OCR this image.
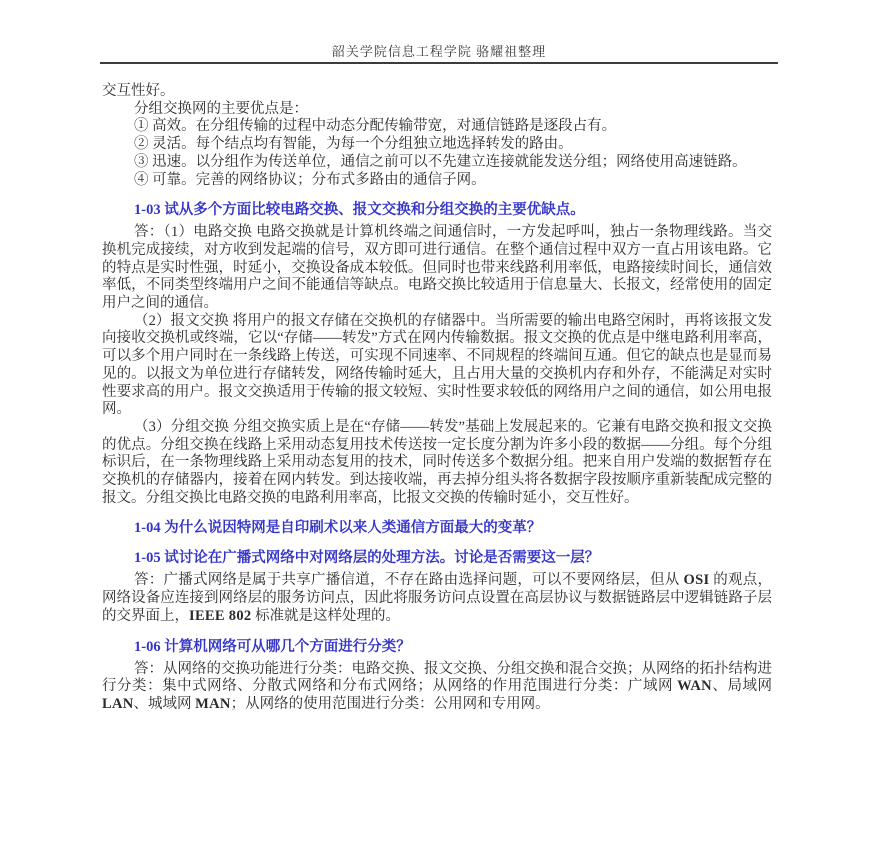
韶关学院信息工程学院 骆耀祖整理

交互性好。

分组交换网的主要优点是：

① 高效。在分组传输的过程中动态分配传输带宽，对通信链路是逐段占有。

② 灵活。每个结点均有智能，为每一个分组独立地选择转发的路由。

③ 迅速。以分组作为传送单位，通信之前可以不先建立连接就能发送分组；网络使用高速链路。

④ 可靠。完善的网络协议；分布式多路由的通信子网。

1-03 试从多个方面比较电路交换、报文交换和分组交换的主要优缺点。

答：（1）电路交换 电路交换就是计算机终端之间通信时，一方发起呼叫，独占一条物理线路。当交换机完成接续，对方收到发起端的信号，双方即可进行通信。在整个通信过程中双方一直占用该电路。它的特点是实时性强，时延小，交换设备成本较低。但同时也带来线路利用率低，电路接续时间长，通信效率低，不同类型终端用户之间不能通信等缺点。电路交换比较适用于信息量大、长报文，经常使用的固定用户之间的通信。

（2）报文交换 将用户的报文存储在交换机的存储器中。当所需要的输出电路空闲时，再将该报文发向接收交换机或终端，它以“存储——转发”方式在网内传输数据。报文交换的优点是中继电路利用率高，可以多个用户同时在一条线路上传送，可实现不同速率、不同规程的终端间互通。但它的缺点也是显而易见的。以报文为单位进行存储转发，网络传输时延大，且占用大量的交换机内存和外存，不能满足对实时性要求高的用户。报文交换适用于传输的报文较短、实时性要求较低的网络用户之间的通信，如公用电报网。

（3）分组交换 分组交换实质上是在“存储——转发”基础上发展起来的。它兼有电路交换和报文交换的优点。分组交换在线路上采用动态复用技术传送按一定长度分割为许多小段的数据——分组。每个分组标识后，在一条物理线路上采用动态复用的技术，同时传送多个数据分组。把来自用户发端的数据暂存在交换机的存储器内，接着在网内转发。到达接收端，再去掉分组头将各数据字段按顺序重新装配成完整的报文。分组交换比电路交换的电路利用率高，比报文交换的传输时延小，交互性好。

1-04 为什么说因特网是自印刷术以来人类通信方面最大的变革？

1-05 试讨论在广播式网络中对网络层的处理方法。讨论是否需要这一层？

答：广播式网络是属于共享广播信道，不存在路由选择问题，可以不要网络层，但从 OSI 的观点，网络设备应连接到网络层的服务访问点，因此将服务访问点设置在高层协议与数据链路层中逻辑链路子层的交界面上，IEEE 802 标准就是这样处理的。

1-06 计算机网络可从哪几个方面进行分类？

答：从网络的交换功能进行分类：电路交换、报文交换、分组交换和混合交换；从网络的拓扑结构进行分类：集中式网络、分散式网络和分布式网络；从网络的作用范围进行分类：广域网 WAN、局域网 LAN、城域网 MAN；从网络的使用范围进行分类：公用网和专用网。
